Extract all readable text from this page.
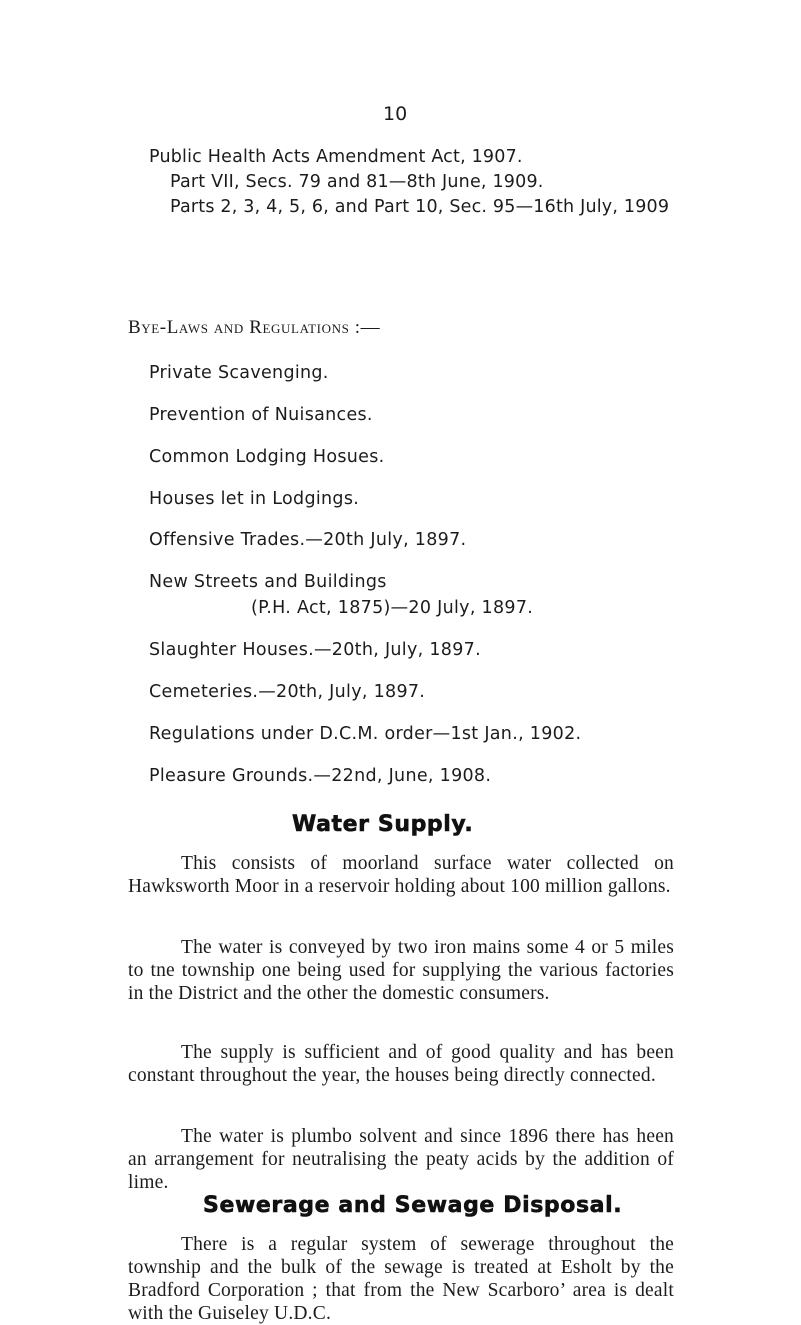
10
Public Health Acts Amendment Act, 1907.
Part VII, Secs. 79 and 81—8th June, 1909.
Parts 2, 3, 4, 5, 6, and Part 10, Sec. 95—16th July, 1909
Bye-Laws and Regulations :—
Private Scavenging.
Prevention of Nuisances.
Common Lodging Hosues.
Houses let in Lodgings.
Offensive Trades.—20th July, 1897.
New Streets and Buildings
(P.H. Act, 1875)—20 July, 1897.
Slaughter Houses.—20th, July, 1897.
Cemeteries.—20th, July, 1897.
Regulations under D.C.M. order—1st Jan., 1902.
Pleasure Grounds.—22nd, June, 1908.
Water Supply.
This consists of moorland surface water collected on Hawksworth Moor in a reservoir holding about 100 million gallons.
The water is conveyed by two iron mains some 4 or 5 miles to tne township one being used for supplying the various factories in the District and the other the domestic consumers.
The supply is sufficient and of good quality and has been constant throughout the year, the houses being directly connected.
The water is plumbo solvent and since 1896 there has heen an arrangement for neutralising the peaty acids by the addition of lime.
Sewerage and Sewage Disposal.
There is a regular system of sewerage throughout the township and the bulk of the sewage is treated at Esholt by the Bradford Corporation ; that from the New Scarboro’ area is dealt with the Guiseley U.D.C.
